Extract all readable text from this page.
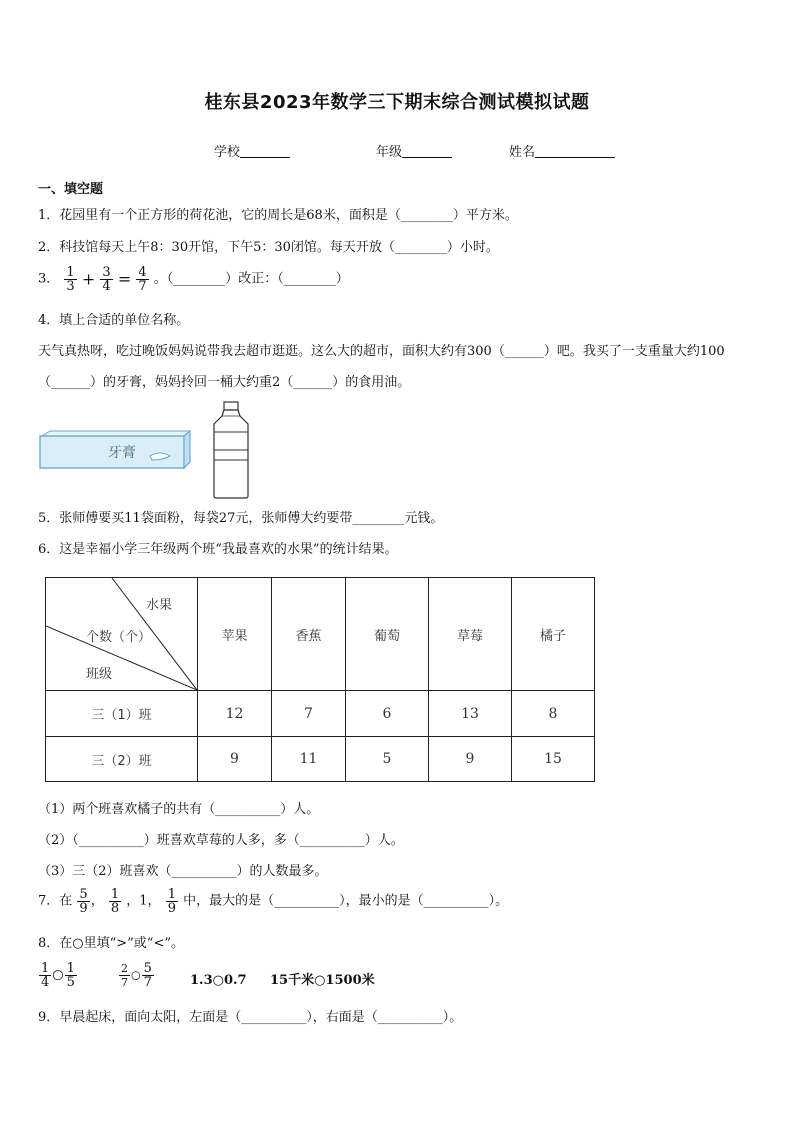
桂东县2023年数学三下期末综合测试模拟试题
学校	年级	姓名
一、填空题
1．花园里有一个正方形的荷花池，它的周长是68米，面积是（________）平方米。
2．科技馆每天上午8：30开馆，下午5：30闭馆。每天开放（________）小时。
3． $\frac{1}{3} + \frac{3}{4} = \frac{4}{7}$ 。（________）改正：（________）
4．填上合适的单位名称。
天气真热呀，吃过晚饭妈妈说带我去超市逛逛。这么大的超市，面积大约有300（______）吧。我买了一支重量大约100
（______）的牙膏，妈妈拎回一桶大约重2（______）的食用油。
牙膏
5．张师傅要买11袋面粉，每袋27元，张师傅大约要带________元钱。
6．这是幸福小学三年级两个班“我最喜欢的水果”的统计结果。
水果
个数（个）
班级	苹果	香蕉	葡萄	草莓	橘子
三（1）班	12	7	6	13	8
三（2）班	9	11	5	9	15
（1）两个班喜欢橘子的共有（__________）人。
（2）（__________）班喜欢草莓的人多，多（__________）人。
（3）三（2）班喜欢（__________）的人数最多。
7．在 $\frac{5}{9}$ ， $\frac{1}{8}$ ，1， $\frac{1}{9}$ 中，最大的是（__________），最小的是（__________）。
8．在○里填“>”或“<”。
$\frac{1}{4}$ ○ $\frac{1}{5}$	$\frac{2}{7}$ ○ $\frac{5}{7}$	1.3○0.7 15千米○1500米
9．早晨起床，面向太阳，左面是（__________），右面是（__________）。
